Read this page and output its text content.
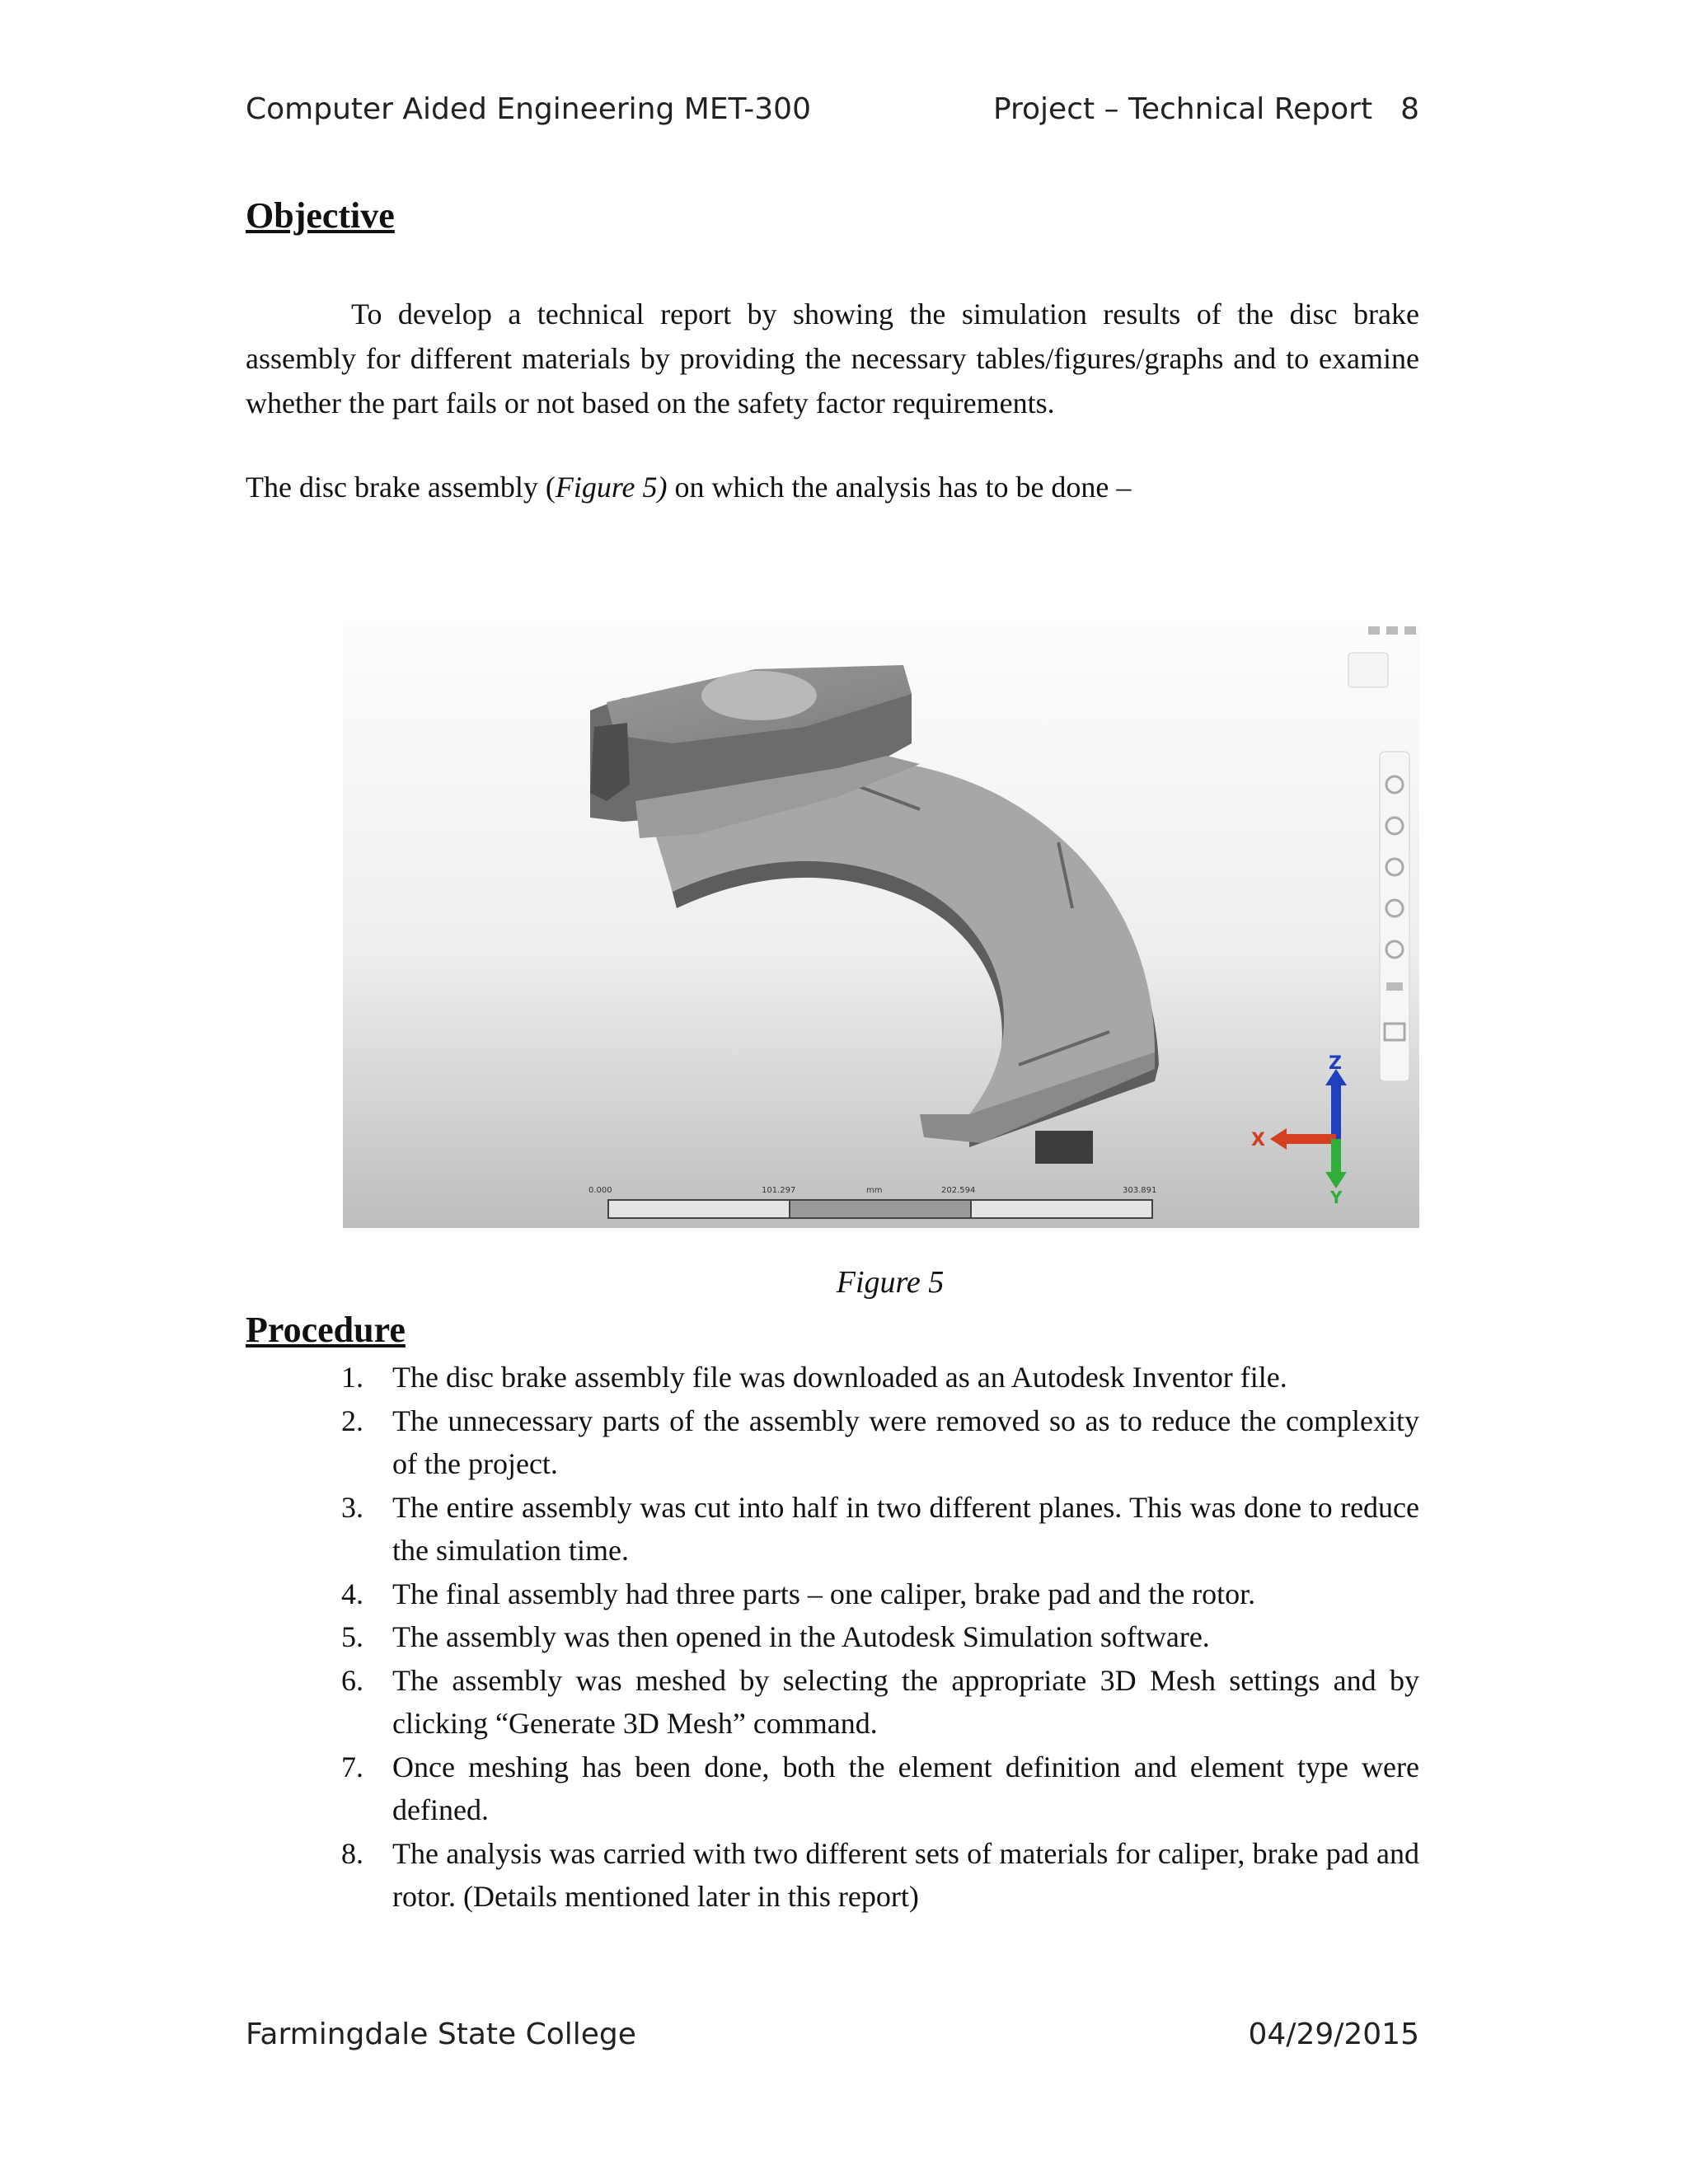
Computer Aided Engineering MET-300	Project – Technical Report 8
Objective

To develop a technical report by showing the simulation results of the disc brake assembly for different materials by providing the necessary tables/figures/graphs and to examine whether the part fails or not based on the safety factor requirements.

The disc brake assembly (Figure 5) on which the analysis has to be done –

Z
X
Y
0.000	101.297	mm	202.594	303.891
Figure 5
Procedure
1. The disc brake assembly file was downloaded as an Autodesk Inventor file.
2. The unnecessary parts of the assembly were removed so as to reduce the complexity of the project.
3. The entire assembly was cut into half in two different planes. This was done to reduce the simulation time.
4. The final assembly had three parts – one caliper, brake pad and the rotor.
5. The assembly was then opened in the Autodesk Simulation software.
6. The assembly was meshed by selecting the appropriate 3D Mesh settings and by clicking “Generate 3D Mesh” command.
7. Once meshing has been done, both the element definition and element type were defined.
8. The analysis was carried with two different sets of materials for caliper, brake pad and rotor. (Details mentioned later in this report)
Farmingdale State College	04/29/2015
